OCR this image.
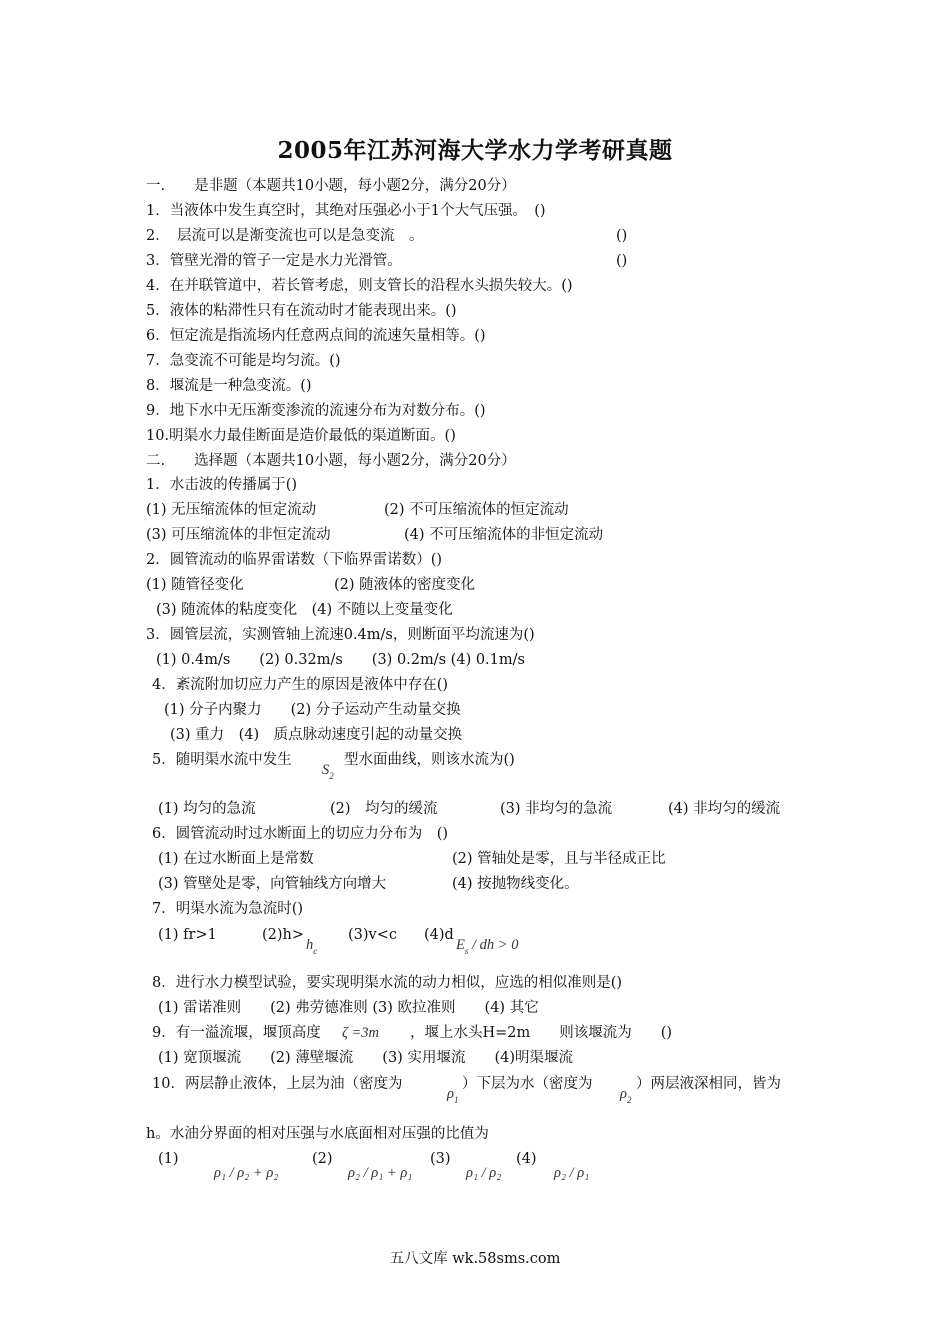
2005年江苏河海大学水力学考研真题
一.　　是非题（本题共10小题，每小题2分，满分20分）
1．当液体中发生真空时，其绝对压强必小于1个大气压强。　()
2．　层流可以是渐变流也可以是急变流　。	()
3．管壁光滑的管子一定是水力光滑管。	()
4．在并联管道中，若长管考虑，则支管长的沿程水头损失较大。()
5．液体的粘滞性只有在流动时才能表现出来。()
6．恒定流是指流场内任意两点间的流速矢量相等。()
7．急变流不可能是均匀流。()
8．堰流是一种急变流。()
9．地下水中无压渐变渗流的流速分布为对数分布。()
10.明渠水力最佳断面是造价最低的渠道断面。()
二.　　选择题（本题共10小题，每小题2分，满分20分）
1．水击波的传播属于()
(1) 无压缩流体的恒定流动	(2) 不可压缩流体的恒定流动
(3) 可压缩流体的非恒定流动	(4) 不可压缩流体的非恒定流动
2．圆管流动的临界雷诺数（下临界雷诺数）()
(1) 随管径变化	(2) 随液体的密度变化
(3) 随流体的粘度变化　(4) 不随以上变量变化
3．圆管层流，实测管轴上流速0.4m/s，则断面平均流速为()
(1) 0.4m/s　　(2) 0.32m/s　　(3) 0.2m/s (4) 0.1m/s
4．紊流附加切应力产生的原因是液体中存在()
(1) 分子内聚力　　(2) 分子运动产生动量交换
(3) 重力　(4)　质点脉动速度引起的动量交换
5．随明渠水流中发生
$S_2$
型水面曲线，则该水流为()
(1) 均匀的急流	(2)　均匀的缓流	(3) 非均匀的急流	(4) 非均匀的缓流
6．圆管流动时过水断面上的切应力分布为　()
(1) 在过水断面上是常数	(2) 管轴处是零，且与半径成正比
(3) 管壁处是零，向管轴线方向增大	(4) 按抛物线变化。
7．明渠水流为急流时()
(1) fr>1	(2)h>
$h_c$
(3)v<c (4)d
$E_s$ / dh > 0
8．进行水力模型试验，要实现明渠水流的动力相似，应选的相似准则是()
(1) 雷诺准则　　(2) 弗劳德准则 (3) 欧拉准则　　(4) 其它
9．有一溢流堰，堰顶高度 ζ =3m ，堰上水头H=2m　　则该堰流为　　()
(1) 宽顶堰流　　(2) 薄壁堰流　　(3) 实用堰流　　(4)明渠堰流
10．两层静止液体，上层为油（密度为
$\rho_1$
）下层为水（密度为
$\rho_2$
）两层液深相同，皆为
h。水油分界面的相对压强与水底面相对压强的比值为
(1)
ρ₁ / ρ₂ + ρ₂
(2)
ρ₂ / ρ₁ + ρ₁
(3)
ρ₁ / ρ₂
(4)
ρ₂ / ρ₁
五八文库 wk.58sms.com
